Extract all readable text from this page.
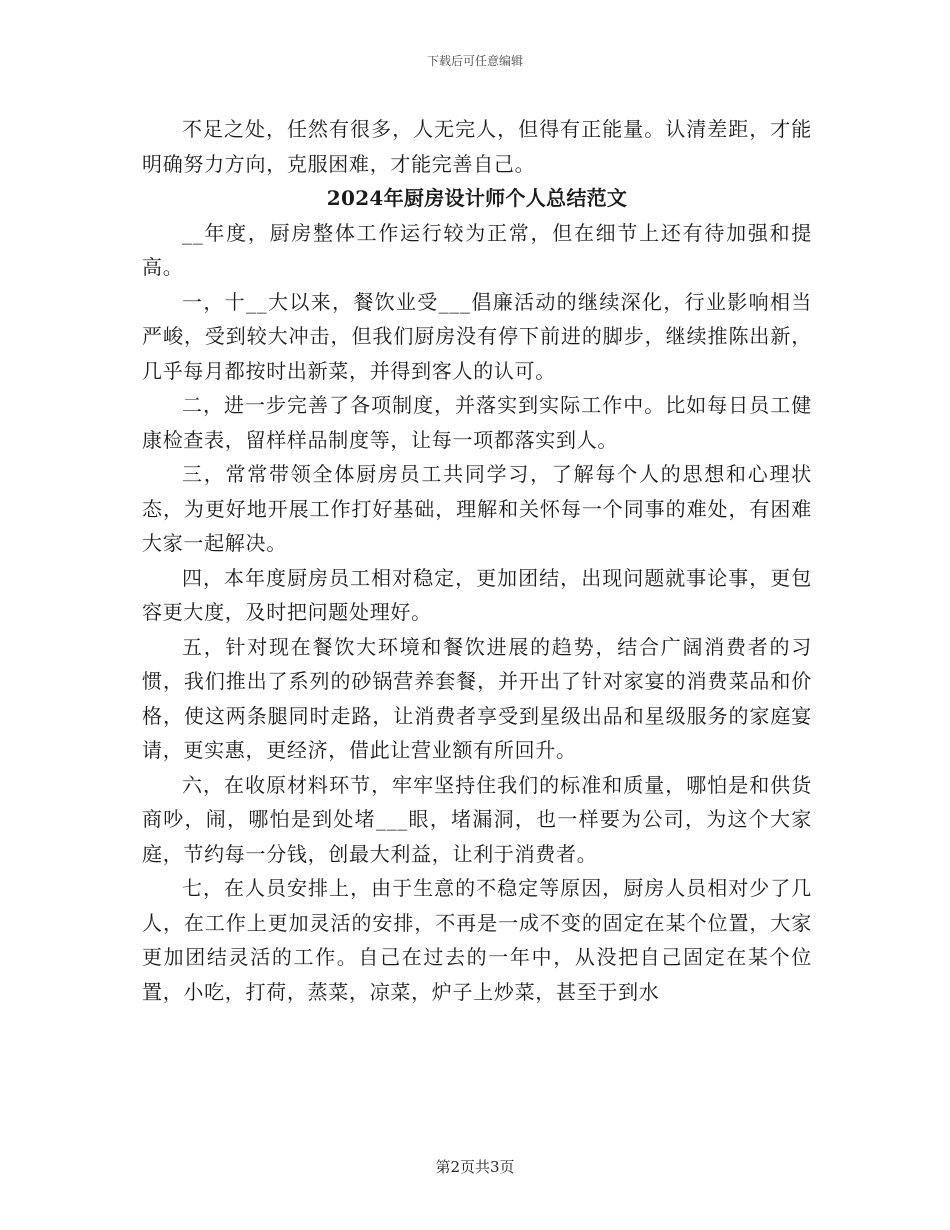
下载后可任意编辑

不足之处，任然有很多，人无完人，但得有正能量。认清差距，才能明确努力方向，克服困难，才能完善自己。

2024年厨房设计师个人总结范文

__年度，厨房整体工作运行较为正常，但在细节上还有待加强和提高。

一，十__大以来，餐饮业受___倡廉活动的继续深化，行业影响相当严峻，受到较大冲击，但我们厨房没有停下前进的脚步，继续推陈出新，几乎每月都按时出新菜，并得到客人的认可。

二，进一步完善了各项制度，并落实到实际工作中。比如每日员工健康检查表，留样样品制度等，让每一项都落实到人。

三，常常带领全体厨房员工共同学习，了解每个人的思想和心理状态，为更好地开展工作打好基础，理解和关怀每一个同事的难处，有困难大家一起解决。

四，本年度厨房员工相对稳定，更加团结，出现问题就事论事，更包容更大度，及时把问题处理好。

五，针对现在餐饮大环境和餐饮进展的趋势，结合广阔消费者的习惯，我们推出了系列的砂锅营养套餐，并开出了针对家宴的消费菜品和价格，使这两条腿同时走路，让消费者享受到星级出品和星级服务的家庭宴请，更实惠，更经济，借此让营业额有所回升。

六，在收原材料环节，牢牢坚持住我们的标准和质量，哪怕是和供货商吵，闹，哪怕是到处堵___眼，堵漏洞，也一样要为公司，为这个大家庭，节约每一分钱，创最大利益，让利于消费者。

七，在人员安排上，由于生意的不稳定等原因，厨房人员相对少了几人，在工作上更加灵活的安排，不再是一成不变的固定在某个位置，大家更加团结灵活的工作。自己在过去的一年中，从没把自己固定在某个位置，小吃，打荷，蒸菜，凉菜，炉子上炒菜，甚至于到水

第2页共3页
